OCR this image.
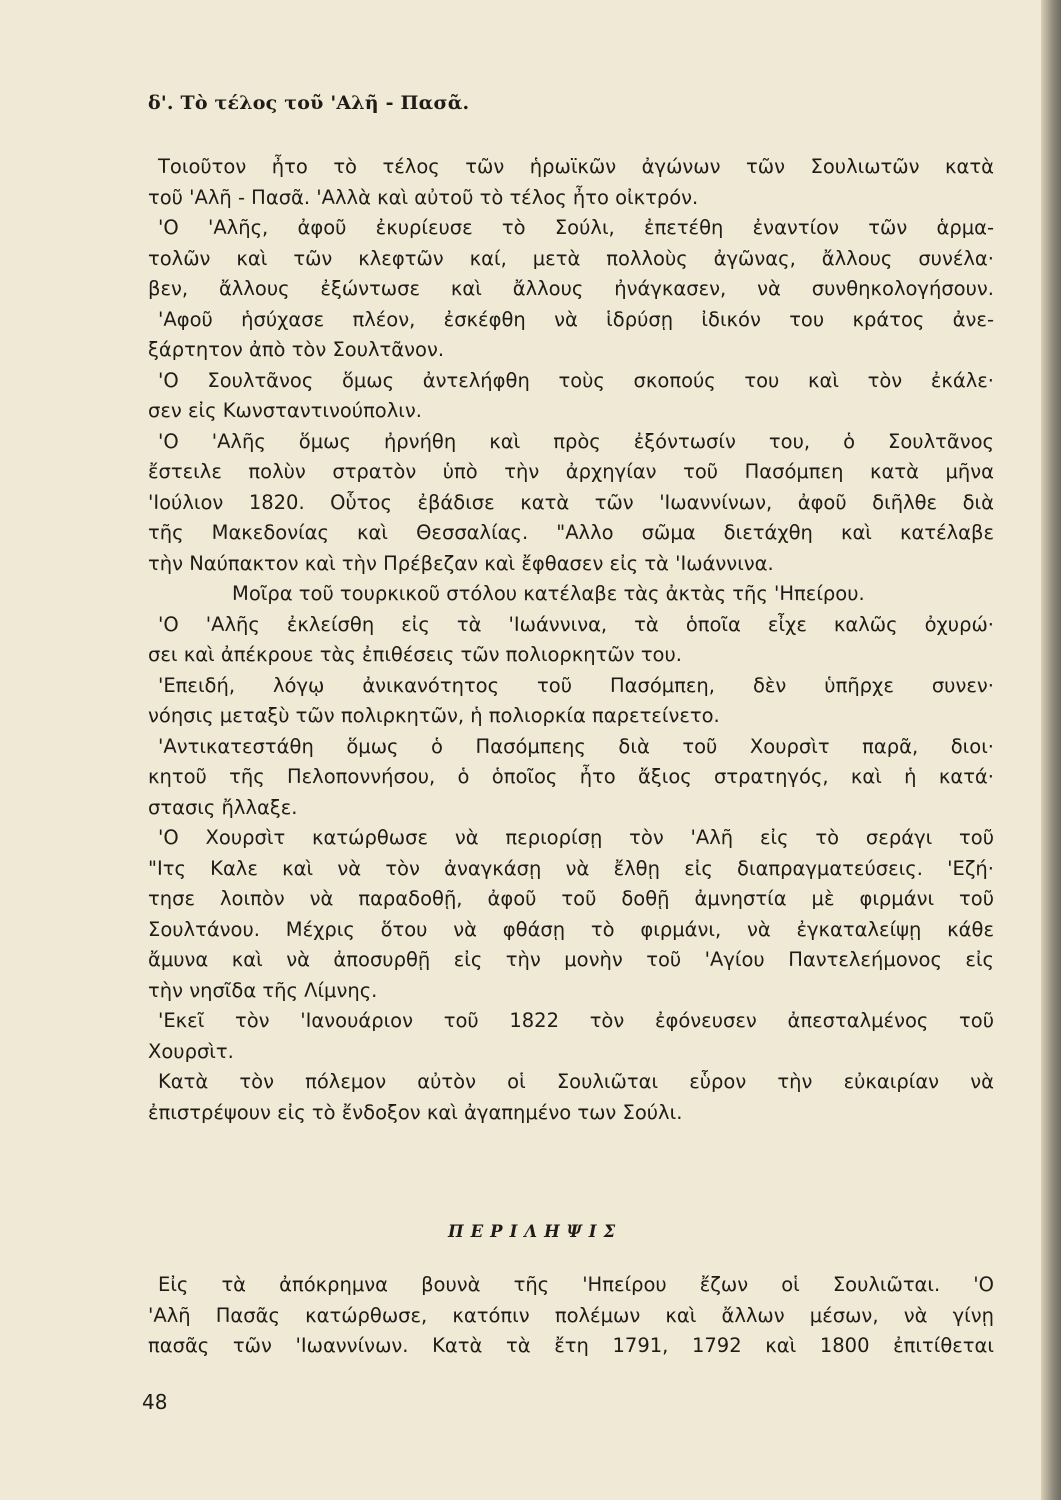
δ'. Τὸ τέλος τοῦ 'Αλῆ - Πασᾶ.
Τοιοῦτον ἦτο τὸ τέλος τῶν ἡρωϊκῶν ἀγώνων τῶν Σουλιωτῶν κατὰ
τοῦ 'Αλῆ - Πασᾶ. 'Αλλὰ καὶ αὐτοῦ τὸ τέλος ἦτο οἰκτρόν.
'Ο 'Αλῆς, ἀφοῦ ἐκυρίευσε τὸ Σούλι, ἐπετέθη ἐναντίον τῶν ἁρμα-
τολῶν καὶ τῶν κλεφτῶν καί, μετὰ πολλοὺς ἀγῶνας, ἄλλους συνέλα·
βεν, ἄλλους ἐξώντωσε καὶ ἄλλους ἠνάγκασεν, νὰ συνθηκολογήσουν.
'Αφοῦ ἡσύχασε πλέον, ἐσκέφθη νὰ ἱδρύσῃ ἰδικόν του κράτος ἀνε-
ξάρτητον ἀπὸ τὸν Σουλτᾶνον.
'Ο Σουλτᾶνος ὅμως ἀντελήφθη τοὺς σκοπούς του καὶ τὸν ἐκάλε·
σεν εἰς Κωνσταντινούπολιν.
'Ο 'Αλῆς ὅμως ἠρνήθη καὶ πρὸς ἐξόντωσίν του, ὁ Σουλτᾶνος
ἔστειλε πολὺν στρατὸν ὑπὸ τὴν ἀρχηγίαν τοῦ Πασόμπεη κατὰ μῆνα
'Ιούλιον 1820. Οὗτος ἐβάδισε κατὰ τῶν 'Ιωαννίνων, ἀφοῦ διῆλθε διὰ
τῆς Μακεδονίας καὶ Θεσσαλίας. "Αλλο σῶμα διετάχθη καὶ κατέλαβε
τὴν Ναύπακτον καὶ τὴν Πρέβεζαν καὶ ἔφθασεν εἰς τὰ 'Ιωάννινα.
Μοῖρα τοῦ τουρκικοῦ στόλου κατέλαβε τὰς ἀκτὰς τῆς 'Ηπείρου.
'Ο 'Αλῆς ἐκλείσθη εἰς τὰ 'Ιωάννινα, τὰ ὁποῖα εἶχε καλῶς ὀχυρώ·
σει καὶ ἀπέκρουε τὰς ἐπιθέσεις τῶν πολιορκητῶν του.
'Επειδή, λόγῳ ἀνικανότητος τοῦ Πασόμπεη, δὲν ὑπῆρχε συνεν·
νόησις μεταξὺ τῶν πολιρκητῶν, ἡ πολιορκία παρετείνετο.
'Αντικατεστάθη ὅμως ὁ Πασόμπεης διὰ τοῦ Χουρσὶτ παρᾶ, διοι·
κητοῦ τῆς Πελοποννήσου, ὁ ὁποῖος ἦτο ἄξιος στρατηγός, καὶ ἡ κατά·
στασις ἤλλαξε.
'Ο Χουρσὶτ κατώρθωσε νὰ περιορίσῃ τὸν 'Αλῆ εἰς τὸ σεράγι τοῦ
"Ιτς Καλε καὶ νὰ τὸν ἀναγκάσῃ νὰ ἔλθῃ εἰς διαπραγματεύσεις. 'Εζή·
τησε λοιπὸν νὰ παραδοθῇ, ἀφοῦ τοῦ δοθῇ ἀμνηστία μὲ φιρμάνι τοῦ
Σουλτάνου. Μέχρις ὅτου νὰ φθάσῃ τὸ φιρμάνι, νὰ ἐγκαταλείψῃ κάθε
ἄμυνα καὶ νὰ ἀποσυρθῇ εἰς τὴν μονὴν τοῦ 'Αγίου Παντελεήμονος εἰς
τὴν νησῖδα τῆς Λίμνης.
'Εκεῖ τὸν 'Ιανουάριον τοῦ 1822 τὸν ἐφόνευσεν ἀπεσταλμένος τοῦ
Χουρσὶτ.
Κατὰ τὸν πόλεμον αὐτὸν οἱ Σουλιῶται εὗρον τὴν εὐκαιρίαν νὰ
ἐπιστρέψουν εἰς τὸ ἔνδοξον καὶ ἀγαπημένο των Σούλι.
ΠΕΡΙΛΗΨΙΣ
Εἰς τὰ ἀπόκρημνα βουνὰ τῆς 'Ηπείρου ἔζων οἱ Σουλιῶται. 'Ο
'Αλῆ Πασᾶς κατώρθωσε, κατόπιν πολέμων καὶ ἄλλων μέσων, νὰ γίνῃ
πασᾶς τῶν 'Ιωαννίνων. Κατὰ τὰ ἔτη 1791, 1792 καὶ 1800 ἐπιτίθεται
48
